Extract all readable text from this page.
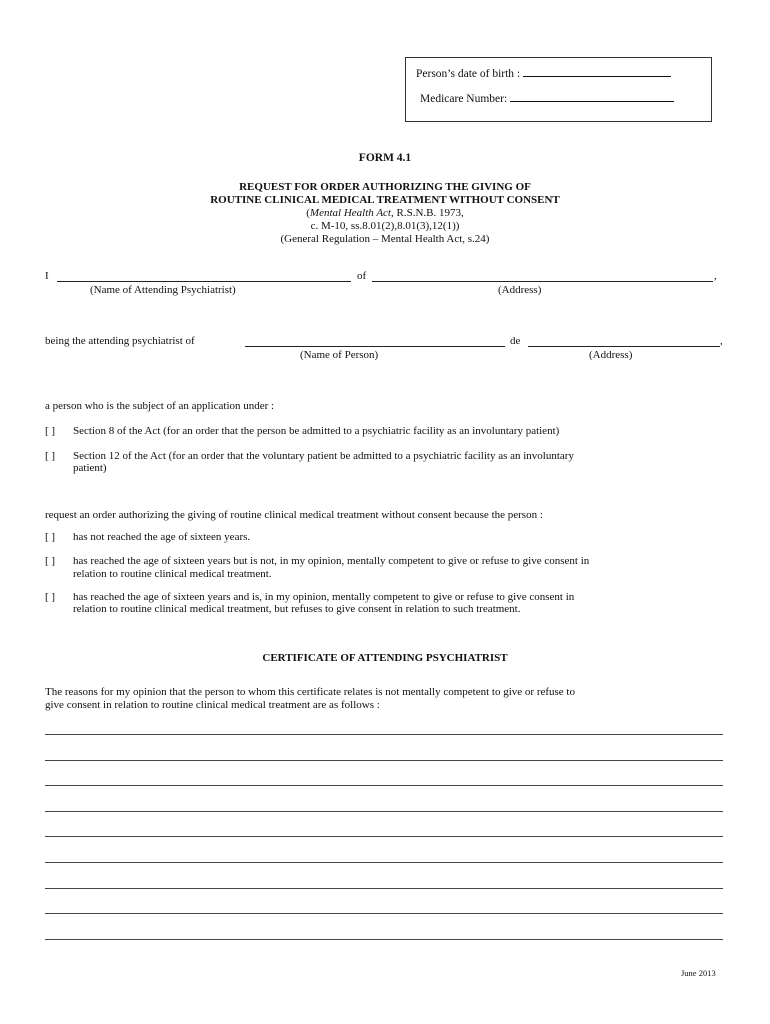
Person’s date of birth :
Medicare Number:
FORM 4.1
REQUEST FOR ORDER AUTHORIZING THE GIVING OF
ROUTINE CLINICAL MEDICAL TREATMENT WITHOUT CONSENT
(Mental Health Act, R.S.N.B. 1973,
c. M-10, ss.8.01(2),8.01(3),12(1))
(General Regulation – Mental Health Act, s.24)
I	of	,
(Name of Attending Psychiatrist)	(Address)
being the attending psychiatrist of	de	,
(Name of Person)	(Address)
a person who is the subject of an application under :
[ ] Section 8 of the Act (for an order that the person be admitted to a psychiatric facility as an involuntary patient)
[ ] Section 12 of the Act (for an order that the voluntary patient be admitted to a psychiatric facility as an involuntary
patient)
request an order authorizing the giving of routine clinical medical treatment without consent because the person :
[ ] has not reached the age of sixteen years.
[ ] has reached the age of sixteen years but is not, in my opinion, mentally competent to give or refuse to give consent in
relation to routine clinical medical treatment.
[ ] has reached the age of sixteen years and is, in my opinion, mentally competent to give or refuse to give consent in
relation to routine clinical medical treatment, but refuses to give consent in relation to such treatment.
CERTIFICATE OF ATTENDING PSYCHIATRIST
The reasons for my opinion that the person to whom this certificate relates is not mentally competent to give or refuse to
give consent in relation to routine clinical medical treatment are as follows :
June 2013
